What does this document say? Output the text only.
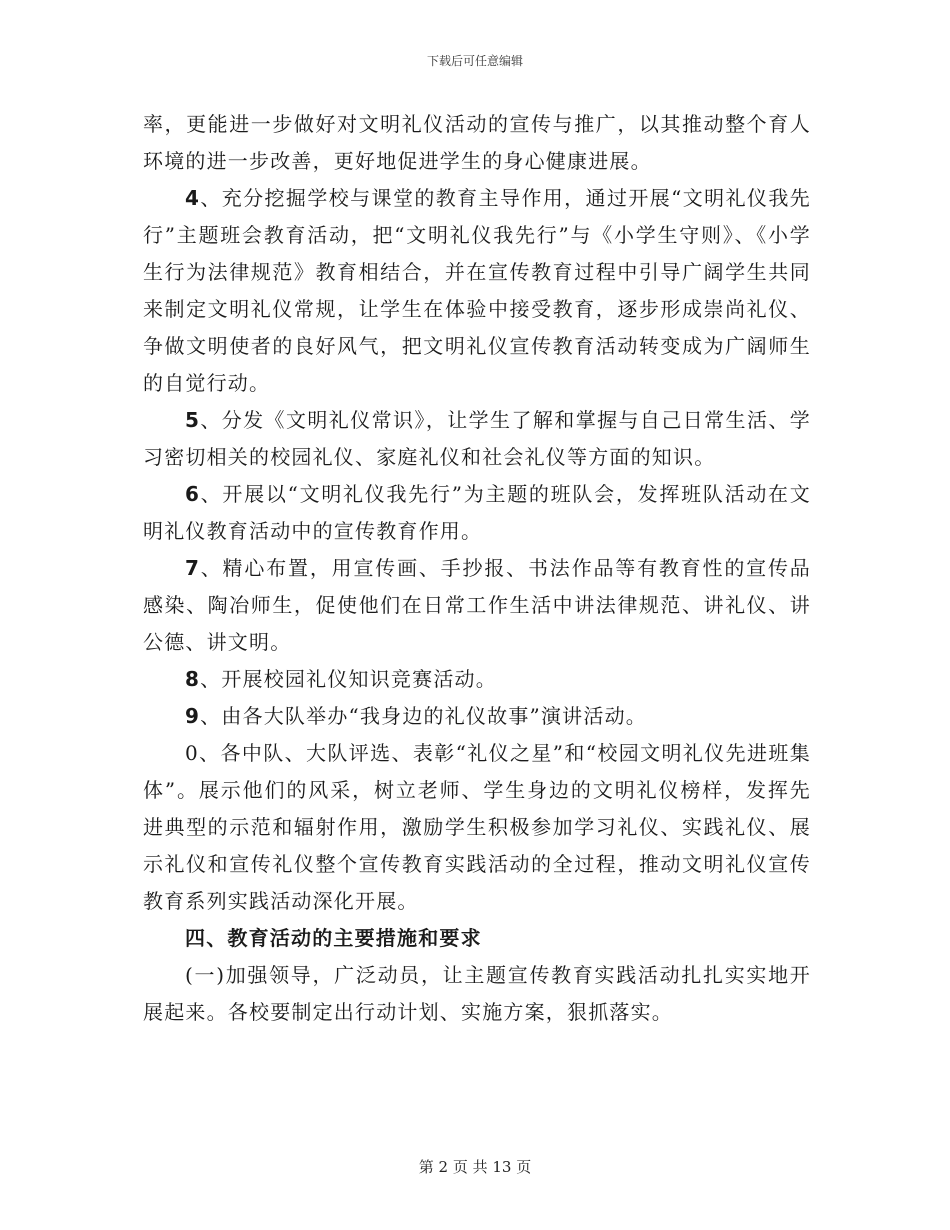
下载后可任意编辑

率，更能进一步做好对文明礼仪活动的宣传与推广，以其推动整个育人环境的进一步改善，更好地促进学生的身心健康进展。

4、充分挖掘学校与课堂的教育主导作用，通过开展“文明礼仪我先行”主题班会教育活动，把“文明礼仪我先行”与《小学生守则》、《小学生行为法律规范》教育相结合，并在宣传教育过程中引导广阔学生共同来制定文明礼仪常规，让学生在体验中接受教育，逐步形成崇尚礼仪、争做文明使者的良好风气，把文明礼仪宣传教育活动转变成为广阔师生的自觉行动。

5、分发《文明礼仪常识》，让学生了解和掌握与自己日常生活、学习密切相关的校园礼仪、家庭礼仪和社会礼仪等方面的知识。

6、开展以“文明礼仪我先行”为主题的班队会，发挥班队活动在文明礼仪教育活动中的宣传教育作用。

7、精心布置，用宣传画、手抄报、书法作品等有教育性的宣传品感染、陶冶师生，促使他们在日常工作生活中讲法律规范、讲礼仪、讲公德、讲文明。

8、开展校园礼仪知识竞赛活动。

9、由各大队举办“我身边的礼仪故事”演讲活动。

0、各中队、大队评选、表彰“礼仪之星”和“校园文明礼仪先进班集体”。展示他们的风采，树立老师、学生身边的文明礼仪榜样，发挥先进典型的示范和辐射作用，激励学生积极参加学习礼仪、实践礼仪、展示礼仪和宣传礼仪整个宣传教育实践活动的全过程，推动文明礼仪宣传教育系列实践活动深化开展。

四、教育活动的主要措施和要求

(一)加强领导，广泛动员，让主题宣传教育实践活动扎扎实实地开展起来。各校要制定出行动计划、实施方案，狠抓落实。

第 2 页 共 13 页
